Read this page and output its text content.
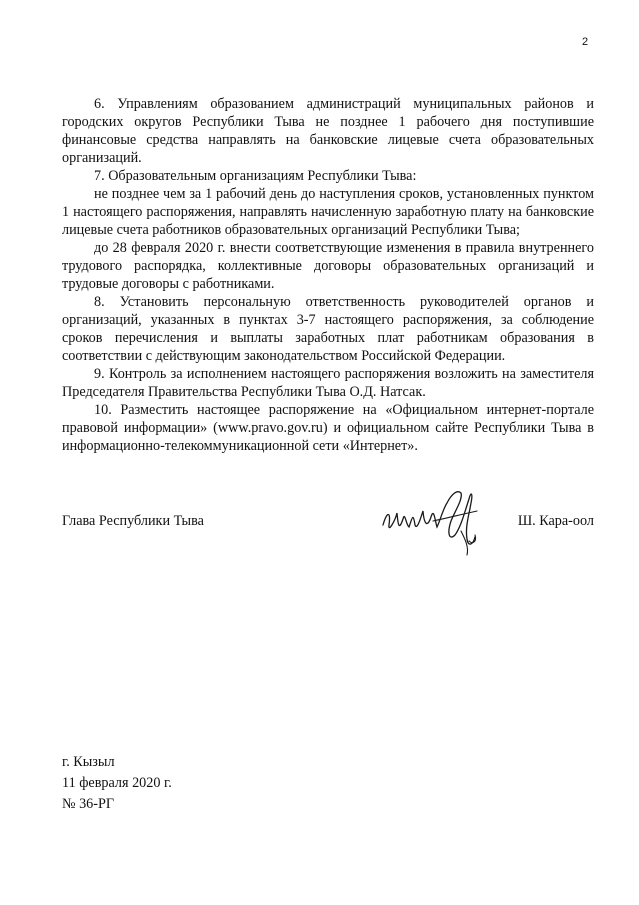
2

6. Управлениям образованием администраций муниципальных районов и городских округов Республики Тыва не позднее 1 рабочего дня поступившие финансовые средства направлять на банковские лицевые счета образовательных организаций.

7. Образовательным организациям Республики Тыва:

не позднее чем за 1 рабочий день до наступления сроков, установленных пунктом 1 настоящего распоряжения, направлять начисленную заработную плату на банковские лицевые счета работников образовательных организаций Республики Тыва;

до 28 февраля 2020 г. внести соответствующие изменения в правила внутреннего трудового распорядка, коллективные договоры образовательных организаций и трудовые договоры с работниками.

8. Установить персональную ответственность руководителей органов и организаций, указанных в пунктах 3-7 настоящего распоряжения, за соблюдение сроков перечисления и выплаты заработных плат работникам образования в соответствии с действующим законодательством Российской Федерации.

9. Контроль за исполнением настоящего распоряжения возложить на заместителя Председателя Правительства Республики Тыва О.Д. Натсак.

10. Разместить настоящее распоряжение на «Официальном интернет-портале правовой информации» (www.pravo.gov.ru) и официальном сайте Республики Тыва в информационно-телекоммуникационной сети «Интернет».

Глава Республики Тыва	Ш. Кара-оол
г. Кызыл
11 февраля 2020 г.
№ 36-РГ
